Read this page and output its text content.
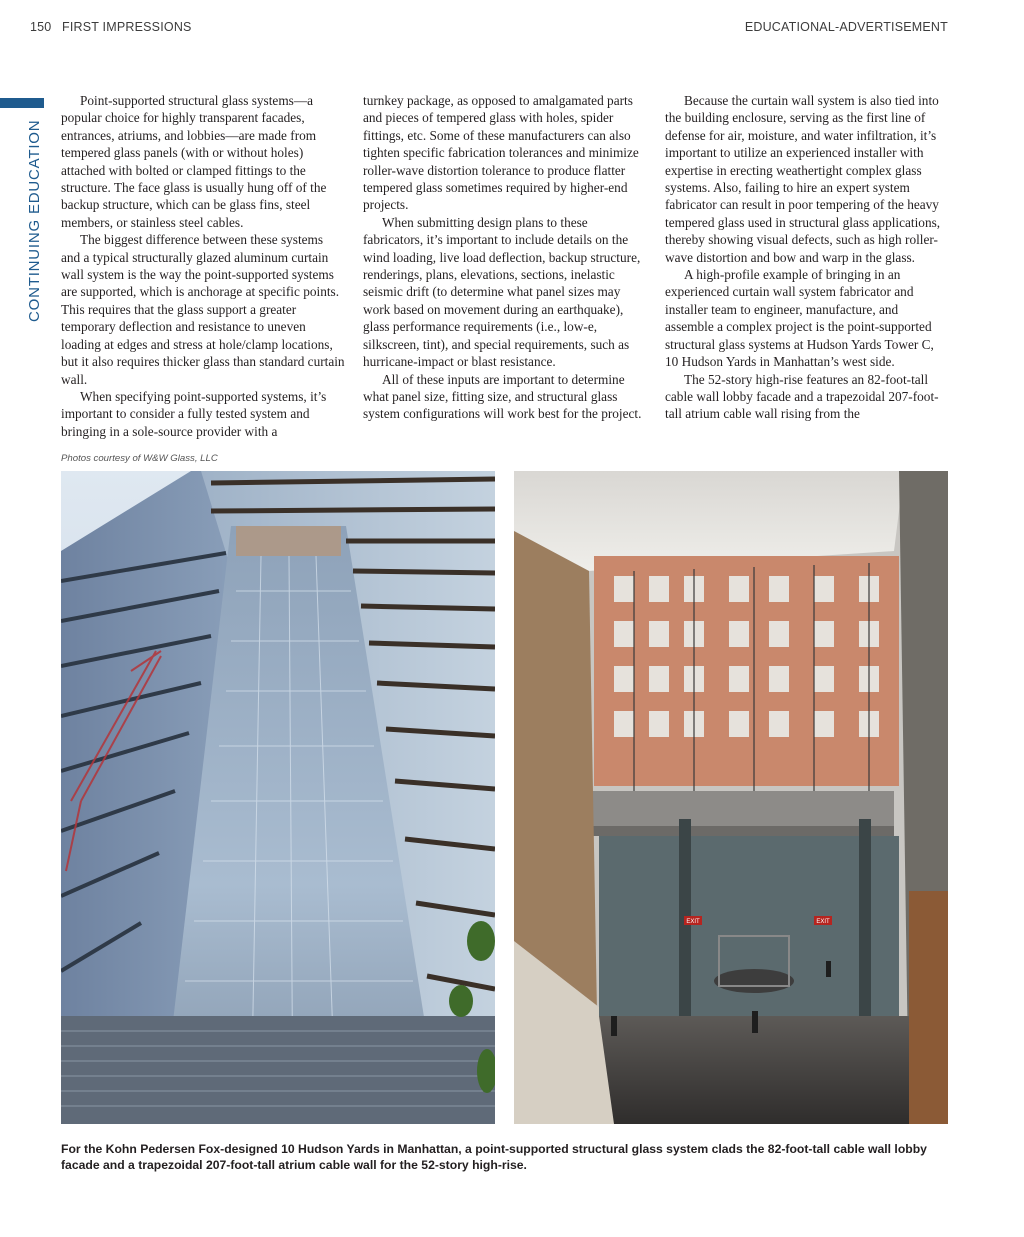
150 FIRST IMPRESSIONS	EDUCATIONAL-ADVERTISEMENT
CONTINUING EDUCATION

Point-supported structural glass systems—a popular choice for highly transparent facades, entrances, atriums, and lobbies—are made from tempered glass panels (with or without holes) attached with bolted or clamped fittings to the structure. The face glass is usually hung off of the backup structure, which can be glass fins, steel members, or stainless steel cables.

The biggest difference between these systems and a typical structurally glazed aluminum curtain wall system is the way the point-supported systems are supported, which is anchorage at specific points. This requires that the glass support a greater temporary deflection and resistance to uneven loading at edges and stress at hole/clamp locations, but it also requires thicker glass than standard curtain wall.

When specifying point-supported systems, it’s important to consider a fully tested system and bringing in a sole-source provider with a

turnkey package, as opposed to amalgamated parts and pieces of tempered glass with holes, spider fittings, etc. Some of these manufacturers can also tighten specific fabrication tolerances and minimize roller-wave distortion tolerance to produce flatter tempered glass sometimes required by higher-end projects.

When submitting design plans to these fabricators, it’s important to include details on the wind loading, live load deflection, backup structure, renderings, plans, elevations, sections, inelastic seismic drift (to determine what panel sizes may work based on movement during an earthquake), glass performance requirements (i.e., low-e, silkscreen, tint), and special requirements, such as hurricane-impact or blast resistance.

All of these inputs are important to determine what panel size, fitting size, and structural glass system configurations will work best for the project.

Because the curtain wall system is also tied into the building enclosure, serving as the first line of defense for air, moisture, and water infiltration, it’s important to utilize an experienced installer with expertise in erecting weathertight complex glass systems. Also, failing to hire an expert system fabricator can result in poor tempering of the heavy tempered glass used in structural glass applications, thereby showing visual defects, such as high roller-wave distortion and bow and warp in the glass.

A high-profile example of bringing in an experienced curtain wall system fabricator and installer team to engineer, manufacture, and assemble a complex project is the point-supported structural glass systems at Hudson Yards Tower C, 10 Hudson Yards in Manhattan’s west side.

The 52-story high-rise features an 82-foot-tall cable wall lobby facade and a trapezoidal 207-foot-tall atrium cable wall rising from the

Photos courtesy of W&W Glass, LLC
EXIT	EXIT
For the Kohn Pedersen Fox-designed 10 Hudson Yards in Manhattan, a point-supported structural glass system clads the 82-foot-tall cable wall lobby facade and a trapezoidal 207-foot-tall atrium cable wall for the 52-story high-rise.
